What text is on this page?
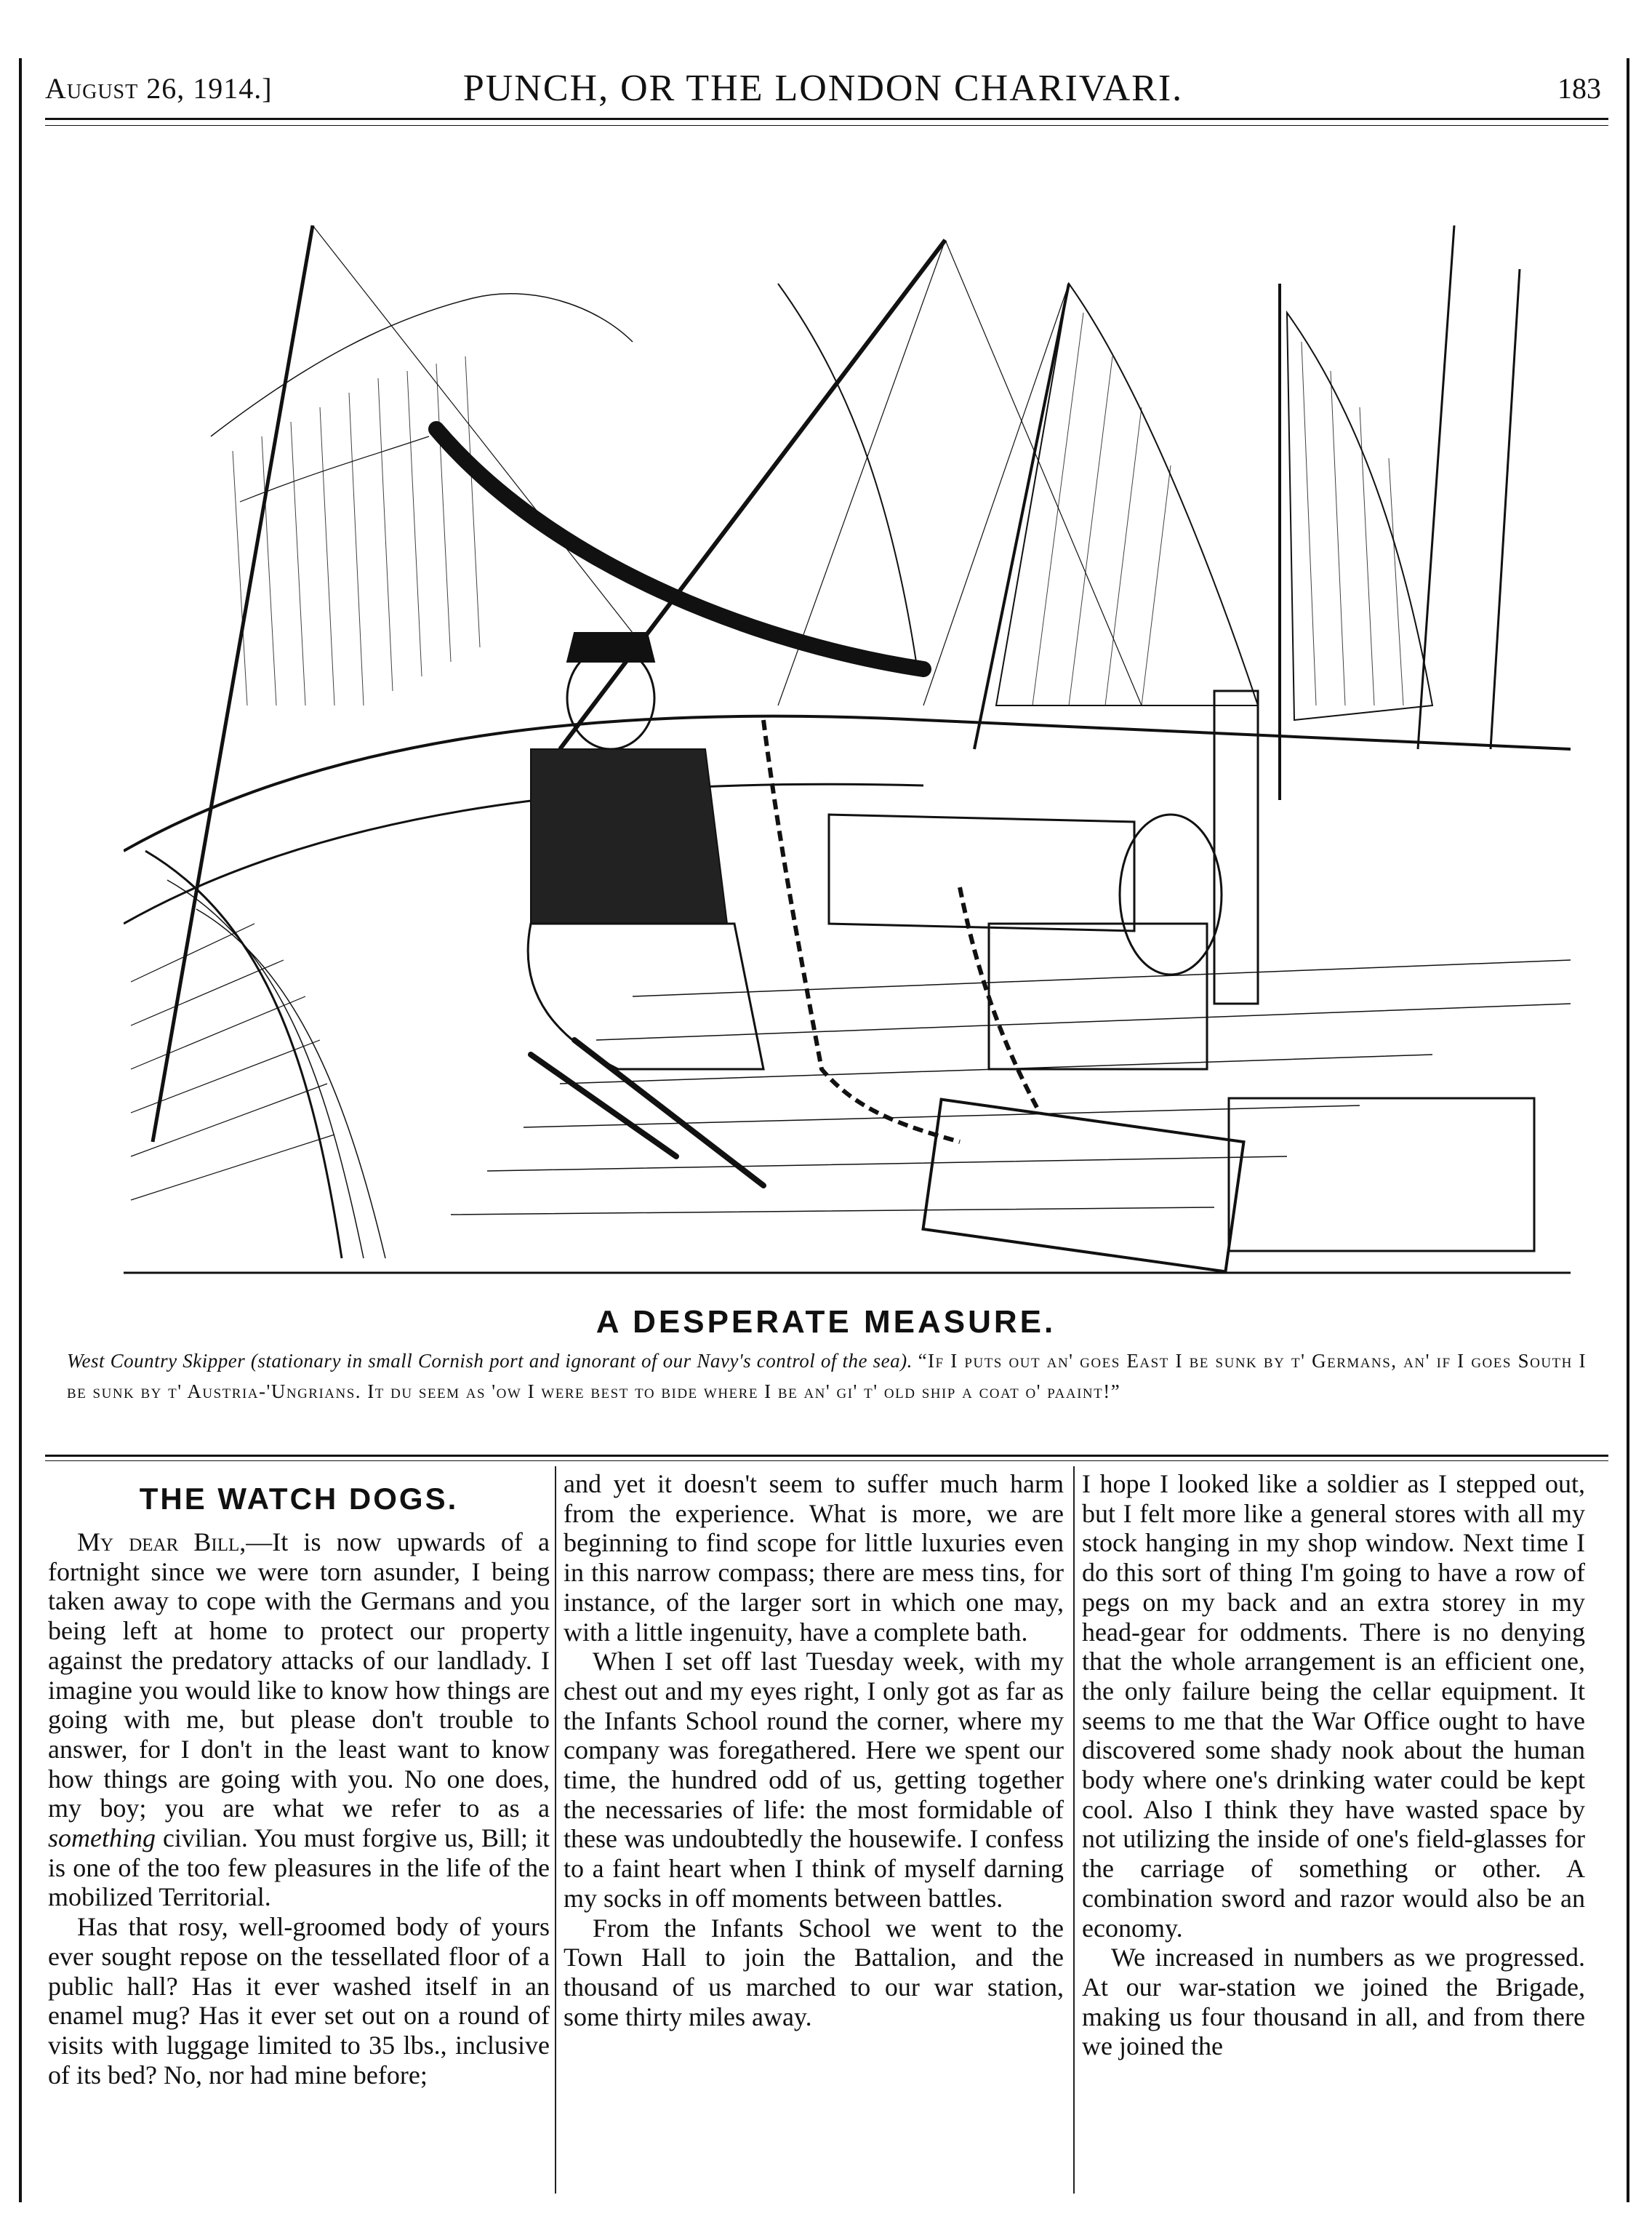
August 26, 1914.]	PUNCH, OR THE LONDON CHARIVARI.	183
A DESPERATE MEASURE.
West Country Skipper (stationary in small Cornish port and ignorant of our Navy's control of the sea). “If I puts out an' goes East I be sunk by t' Germans, an' if I goes South I be sunk by t' Austria-'Ungrians. It du seem as 'ow I were best to bide where I be an' gi' t' old ship a coat o' paaint!”
THE WATCH DOGS.

My dear Bill,—It is now upwards of a fortnight since we were torn asunder, I being taken away to cope with the Germans and you being left at home to protect our property against the predatory attacks of our landlady. I imagine you would like to know how things are going with me, but please don't trouble to answer, for I don't in the least want to know how things are going with you. No one does, my boy; you are what we refer to as a something civilian. You must forgive us, Bill; it is one of the too few pleasures in the life of the mobilized Territorial.

Has that rosy, well-groomed body of yours ever sought repose on the tessellated floor of a public hall? Has it ever washed itself in an enamel mug? Has it ever set out on a round of visits with luggage limited to 35 lbs., inclusive of its bed? No, nor had mine before;

and yet it doesn't seem to suffer much harm from the experience. What is more, we are beginning to find scope for little luxuries even in this narrow compass; there are mess tins, for instance, of the larger sort in which one may, with a little ingenuity, have a complete bath.

When I set off last Tuesday week, with my chest out and my eyes right, I only got as far as the Infants School round the corner, where my company was foregathered. Here we spent our time, the hundred odd of us, getting together the necessaries of life: the most formidable of these was undoubtedly the housewife. I confess to a faint heart when I think of myself darning my socks in off moments between battles.

From the Infants School we went to the Town Hall to join the Battalion, and the thousand of us marched to our war station, some thirty miles away.

I hope I looked like a soldier as I stepped out, but I felt more like a general stores with all my stock hanging in my shop window. Next time I do this sort of thing I'm going to have a row of pegs on my back and an extra storey in my head-gear for oddments. There is no denying that the whole arrangement is an efficient one, the only failure being the cellar equipment. It seems to me that the War Office ought to have discovered some shady nook about the human body where one's drinking water could be kept cool. Also I think they have wasted space by not utilizing the inside of one's field-glasses for the carriage of something or other. A combination sword and razor would also be an economy.

We increased in numbers as we progressed. At our war-station we joined the Brigade, making us four thousand in all, and from there we joined the
